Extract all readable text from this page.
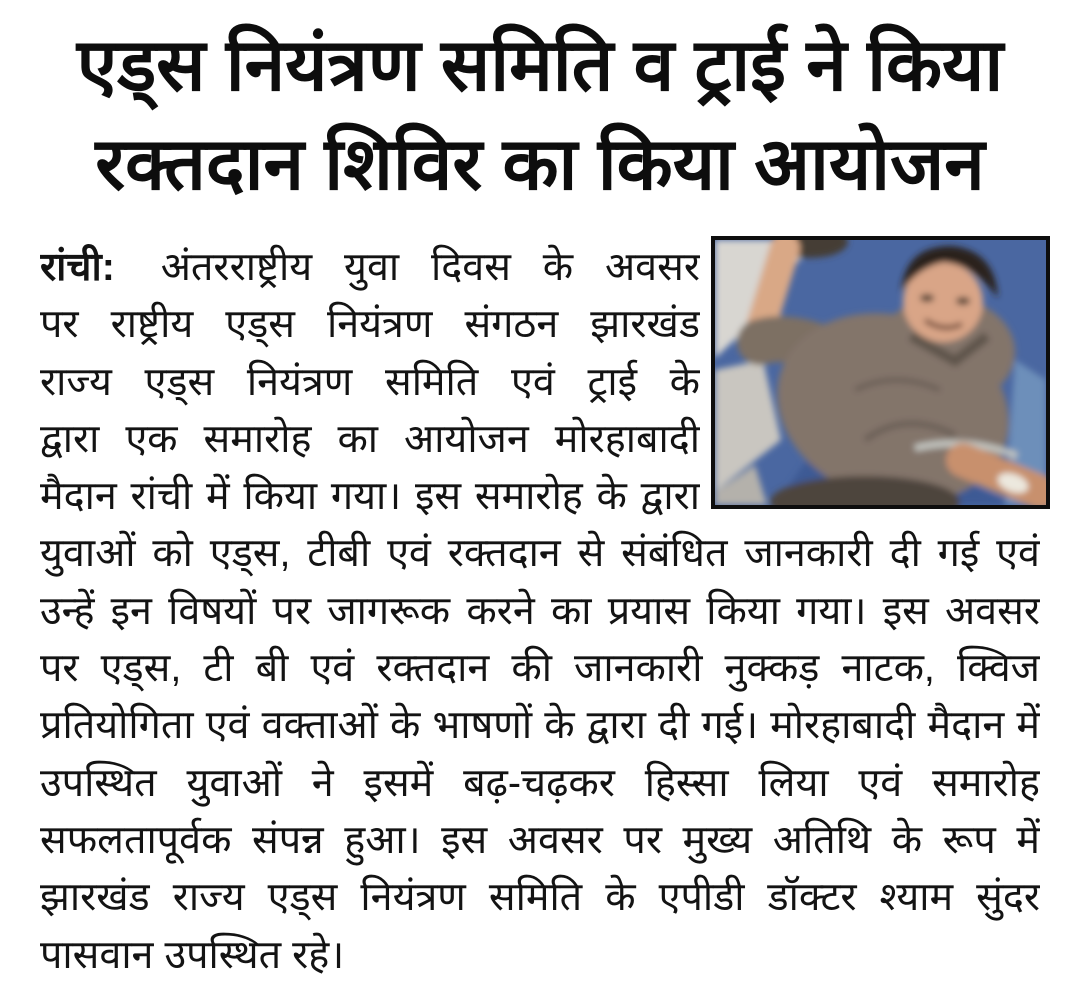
एड्स नियंत्रण समिति व ट्राई ने किया
रक्तदान शिविर का किया आयोजन
रांची: अंतरराष्ट्रीय युवा दिवस के अवसर
पर राष्ट्रीय एड्स नियंत्रण संगठन झारखंड
राज्य एड्स नियंत्रण समिति एवं ट्राई के
द्वारा एक समारोह का आयोजन मोरहाबादी
मैदान रांची में किया गया। इस समारोह के द्वारा
युवाओं को एड्स, टीबी एवं रक्तदान से संबंधित जानकारी दी गई एवं
उन्हें इन विषयों पर जागरूक करने का प्रयास किया गया। इस अवसर
पर एड्स, टी बी एवं रक्तदान की जानकारी नुक्कड़ नाटक, क्विज
प्रतियोगिता एवं वक्ताओं के भाषणों के द्वारा दी गई। मोरहाबादी मैदान में
उपस्थित युवाओं ने इसमें बढ़-चढ़कर हिस्सा लिया एवं समारोह
सफलतापूर्वक संपन्न हुआ। इस अवसर पर मुख्य अतिथि के रूप में
झारखंड राज्य एड्स नियंत्रण समिति के एपीडी डॉक्टर श्याम सुंदर
पासवान उपस्थित रहे।
